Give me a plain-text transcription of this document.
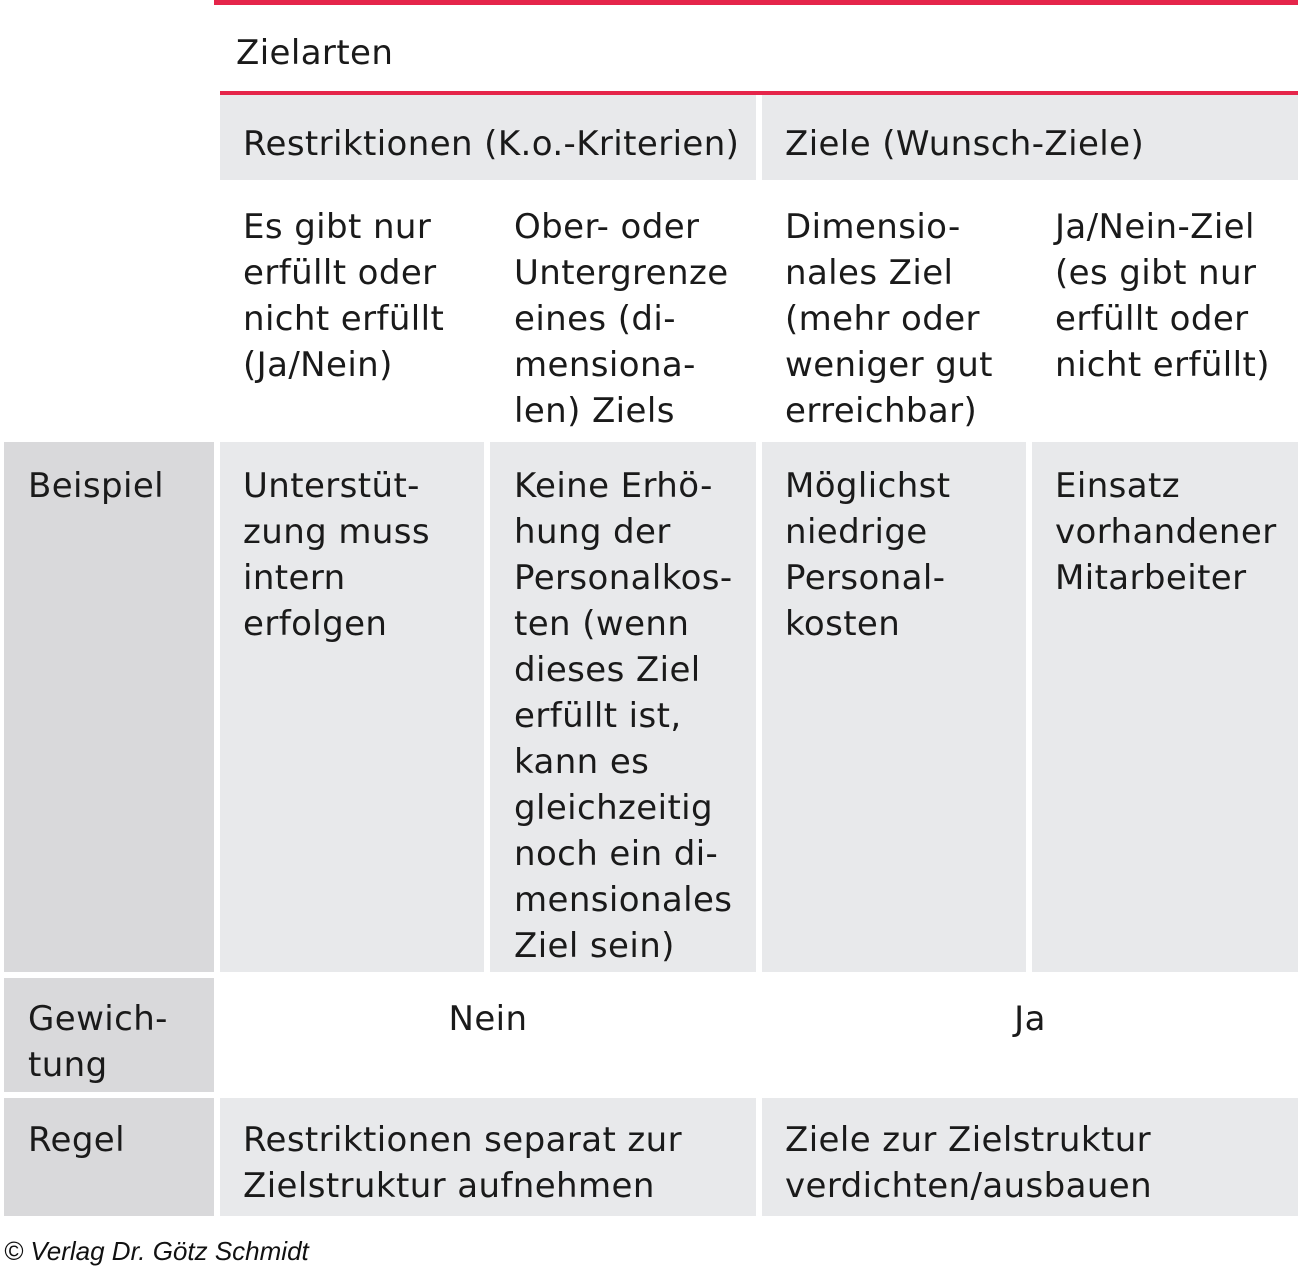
Zielarten
Restriktionen (K.o.-Kriterien) Ziele (Wunsch-Ziele)
Es gibt nur
erfüllt oder
nicht erfüllt
(Ja/Nein)
Ober- oder
Untergrenze
eines (di-
mensiona-
len) Ziels
Dimensio-
nales Ziel
(mehr oder
weniger gut
erreichbar)
Ja/Nein-Ziel
(es gibt nur
erfüllt oder
nicht erfüllt)
Beispiel Unterstüt-
zung muss
intern
erfolgen
Keine Erhö-
hung der
Personalkos-
ten (wenn
dieses Ziel
erfüllt ist,
kann es
gleichzeitig
noch ein di-
mensionales
Ziel sein)
Möglichst
niedrige
Personal-
kosten
Einsatz
vorhandener
Mitarbeiter
Gewich-
tung
Nein	Ja
Regel	Restriktionen separat zur
Zielstruktur aufnehmen
Ziele zur Zielstruktur
verdichten/ausbauen
© Verlag Dr. Götz Schmidt
